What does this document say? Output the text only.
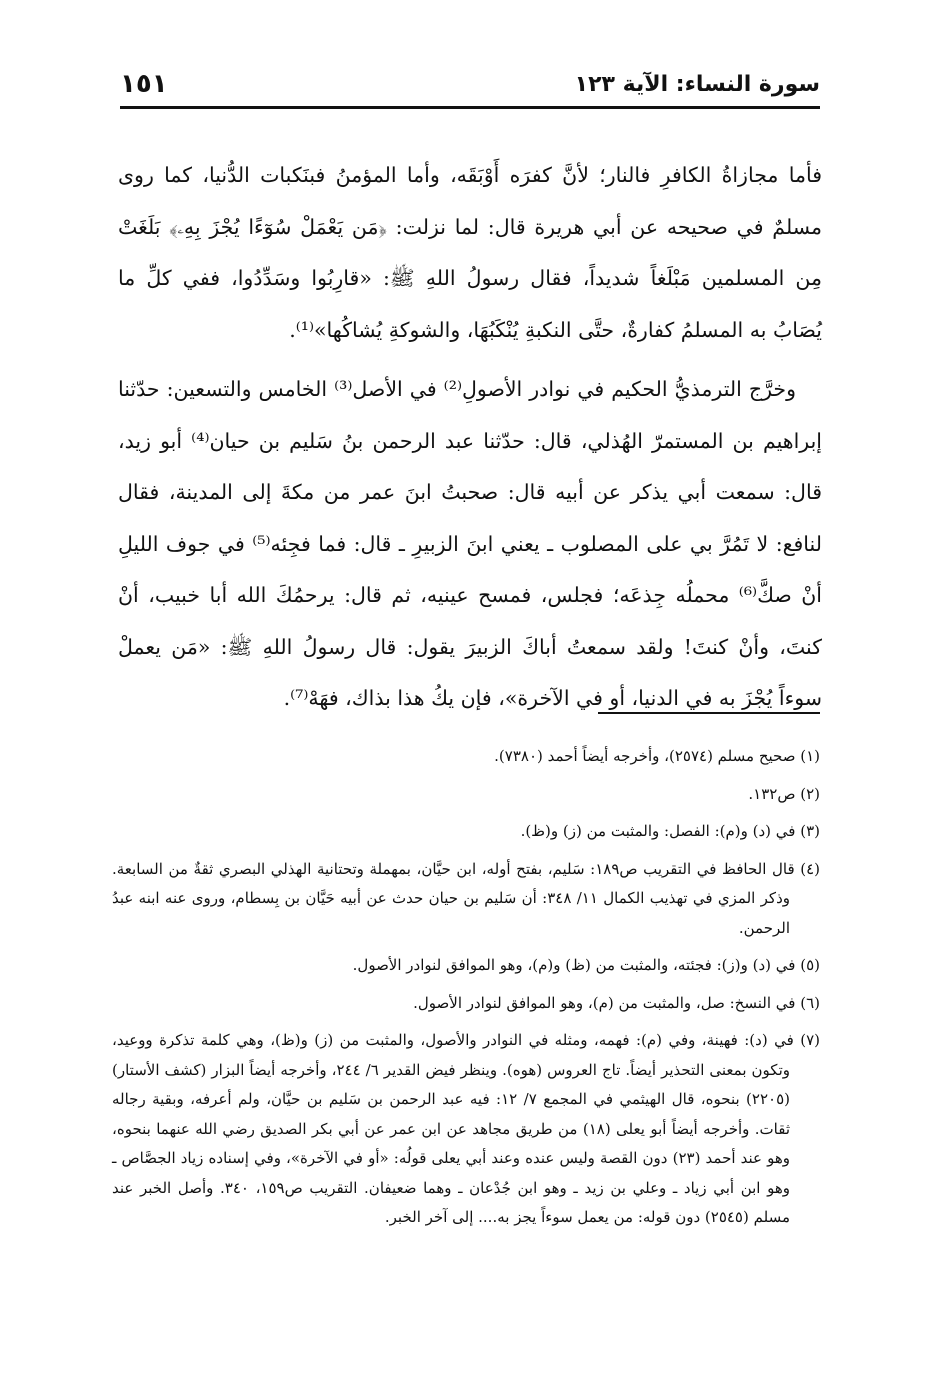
سورة النساء: الآية ١٢٣
١٥١

فأما مجازاةُ الكافرِ فالنار؛ لأنَّ كفرَه أَوْبَقَه، وأما المؤمنُ فبنَكبات الدُّنيا، كما روى مسلمٌ في صحيحه عن أبي هريرة قال: لما نزلت: ﴿مَن يَعْمَلْ سُوٓءًا يُجْزَ بِهِۦ﴾ بَلَغَتْ مِن المسلمين مَبْلَغاً شديداً، فقال رسولُ اللهِ ﷺ: «قارِبُوا وسَدِّدُوا، ففي كلِّ ما يُصَابُ به المسلمُ كفارةٌ، حتَّى النكبةِ يُنْكَبُهَا، والشوكةِ يُشاكُها»⁽¹⁾.

وخرَّج الترمذيُّ الحكيم في نوادر الأصولِ⁽²⁾ في الأصل⁽³⁾ الخامس والتسعين: حدّثنا إبراهيم بن المستمرّ الهُذلي، قال: حدّثنا عبد الرحمن بنُ سَليم بن حيان⁽⁴⁾ أبو زيد، قال: سمعت أبي يذكر عن أبيه قال: صحبتُ ابنَ عمر من مكةَ إلى المدينة، فقال لنافع: لا تَمُرَّ بي على المصلوب ـ يعني ابنَ الزبيرِ ـ قال: فما فجِئه⁽⁵⁾ في جوف الليلِ أنْ صكَّ⁽⁶⁾ محملُه جِذعَه؛ فجلس، فمسح عينيه، ثم قال: يرحمُكَ الله أبا خبيب، أنْ كنتَ، وأنْ كنتَ! ولقد سمعتُ أباكَ الزبيرَ يقول: قال رسولُ اللهِ ﷺ: «مَن يعملْ سوءاً يُجْزَ به في الدنيا، أو في الآخرة»، فإن يكُ هذا بذاك، فهَهْ⁽⁷⁾.

(١) صحيح مسلم (٢٥٧٤)، وأخرجه أيضاً أحمد (٧٣٨٠).
(٢) ص١٣٢.
(٣) في (د) و(م): الفصل: والمثبت من (ز) و(ظ).
(٤) قال الحافظ في التقريب ص١٨٩: سَليم، بفتح أوله، ابن حيَّان، بمهملة وتحتانية الهذلي البصري ثقةٌ من السابعة. وذكر المزي في تهذيب الكمال ١١/ ٣٤٨: أن سَليم بن حيان حدث عن أبيه حَيَّان بن بِسطام، وروى عنه ابنه عبدُ الرحمن.
(٥) في (د) و(ز): فجئته، والمثبت من (ظ) و(م)، وهو الموافق لنوادر الأصول.
(٦) في النسخ: صل، والمثبت من (م)، وهو الموافق لنوادر الأصول.
(٧) في (د): فهينة، وفي (م): فهمه، ومثله في النوادر والأصول، والمثبت من (ز) و(ظ)، وهي كلمة تذكرة ووعيد، وتكون بمعنى التحذير أيضاً. تاج العروس (هوه). وينظر فيض القدير ٦/ ٢٤٤، وأخرجه أيضاً البزار (كشف الأستار) (٢٢٠٥) بنحوه، قال الهيثمي في المجمع ٧/ ١٢: فيه عبد الرحمن بن سَليم بن حيَّان، ولم أعرفه، وبقية رجاله ثقات. وأخرجه أيضاً أبو يعلى (١٨) من طريق مجاهد عن ابن عمر عن أبي بكر الصديق رضي الله عنهما بنحوه، وهو عند أحمد (٢٣) دون القصة وليس عنده وعند أبي يعلى قولُه: «أو في الآخرة»، وفي إسناده زياد الجصَّاص ـ وهو ابن أبي زياد ـ وعلي بن زيد ـ وهو ابن جُدْعان ـ وهما ضعيفان. التقريب ص١٥٩، ٣٤٠. وأصل الخبر عند مسلم (٢٥٤٥) دون قوله: من يعمل سوءاً يجز به.... إلى آخر الخبر.
